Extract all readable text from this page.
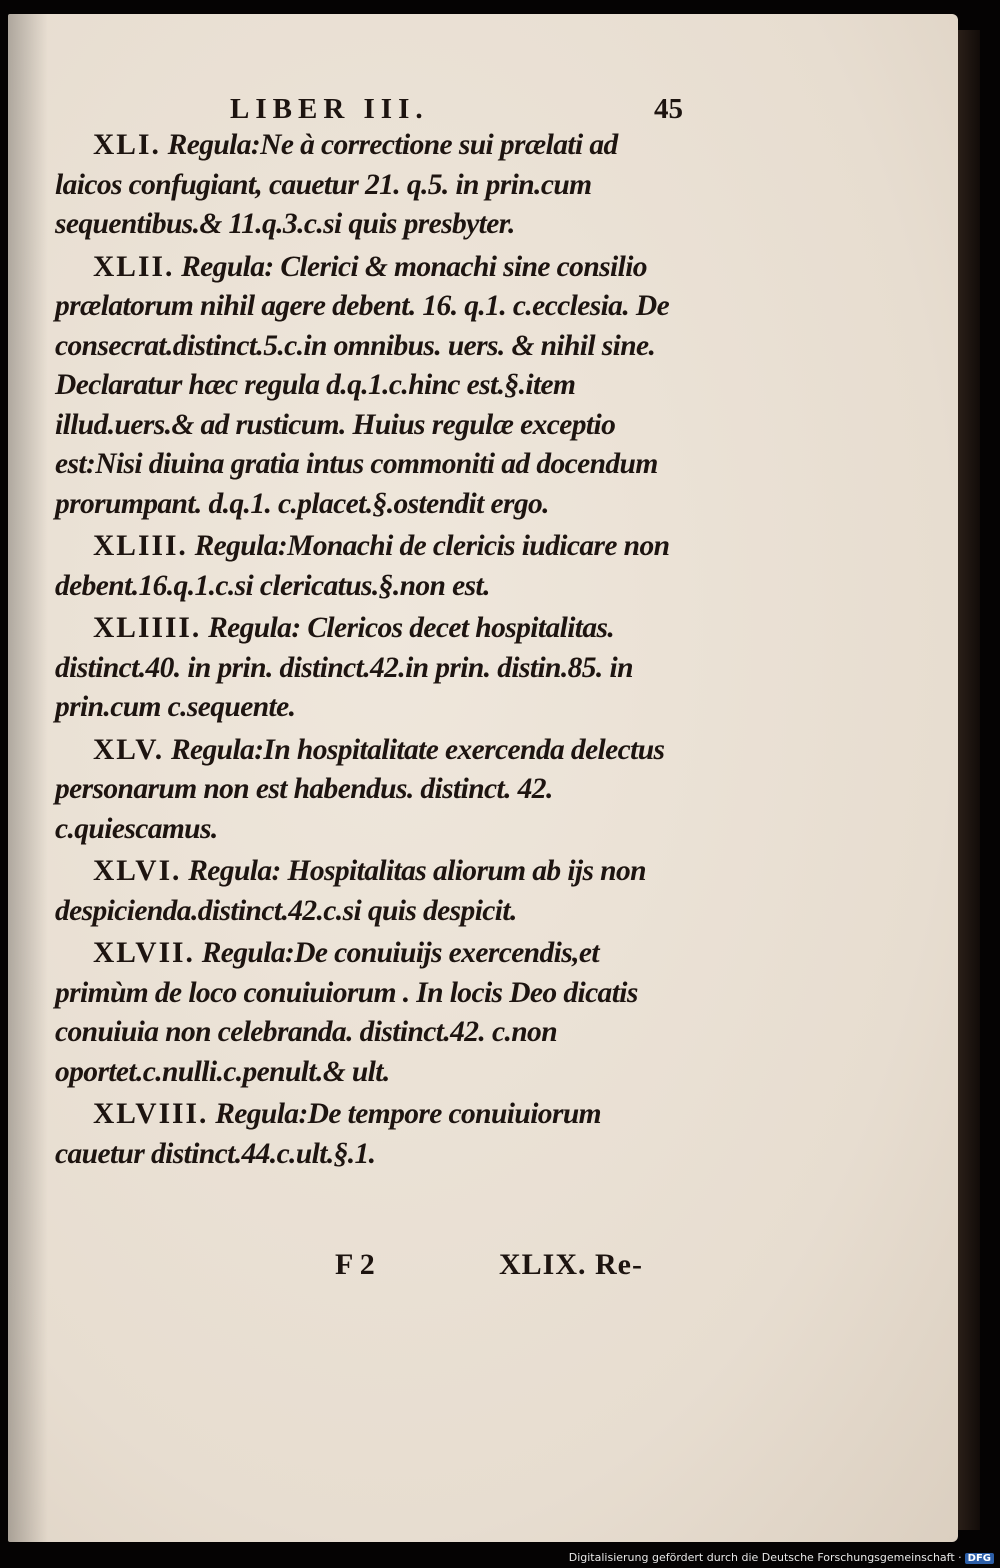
LIBER III.	45

XLI. Regula:Ne à correctione sui prælati ad laicos confugiant, cauetur 21. q.5. in prin.cum sequentibus.& 11.q.3.c.si quis presbyter.

XLII. Regula: Clerici & monachi sine consilio prælatorum nihil agere debent. 16. q.1. c.ecclesia. De consecrat.distinct.5.c.in omnibus. uers. & nihil sine. Declaratur hæc regula d.q.1.c.hinc est.§.item illud.uers.& ad rusticum. Huius regulæ exceptio est:Nisi diuina gratia intus commoniti ad docendum prorumpant. d.q.1. c.placet.§.ostendit ergo.

XLIII. Regula:Monachi de clericis iudicare non debent.16.q.1.c.si clericatus.§.non est.

XLIIII. Regula: Clericos decet hospitalitas. distinct.40. in prin. distinct.42.in prin. distin.85. in prin.cum c.sequente.

XLV. Regula:In hospitalitate exercenda delectus personarum non est habendus. distinct. 42. c.quiescamus.

XLVI. Regula: Hospitalitas aliorum ab ijs non despicienda.distinct.42.c.si quis despicit.

XLVII. Regula:De conuiuijs exercendis,et primùm de loco conuiuiorum . In locis Deo dicatis conuiuia non celebranda. distinct.42. c.non oportet.c.nulli.c.penult.& ult.

XLVIII. Regula:De tempore conuiuiorum cauetur distinct.44.c.ult.§.1.

F 2	XLIX. Re-
Digitalisierung gefördert durch die Deutsche Forschungsgemeinschaft · DFG
